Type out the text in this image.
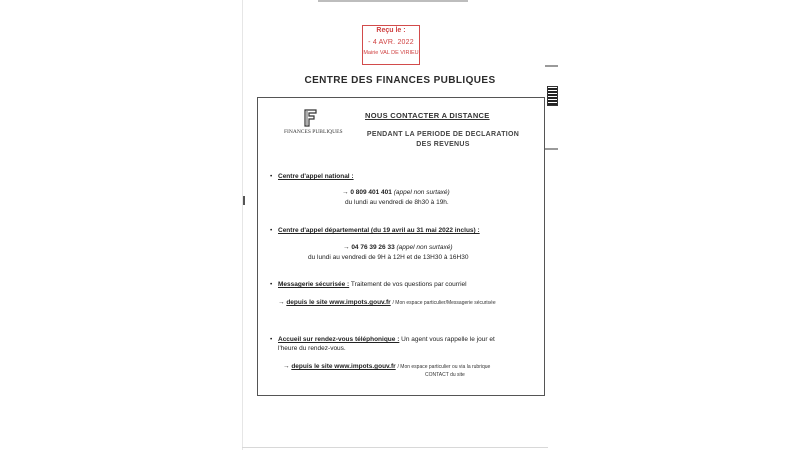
Reçu le :
- 4 AVR. 2022
Mairie VAL DE VIRIEU
CENTRE DES FINANCES PUBLIQUES
FINANCES PUBLIQUES
NOUS CONTACTER A DISTANCE
PENDANT LA PERIODE DE DECLARATION
DES REVENUS
• Centre d'appel national :
→ 0 809 401 401 (appel non surtaxé)
du lundi au vendredi de 8h30 à 19h.
• Centre d'appel départemental (du 19 avril au 31 mai 2022 inclus) :
→ 04 76 39 26 33 (appel non surtaxé)
du lundi au vendredi de 9H à 12H et de 13H30 à 16H30
• Messagerie sécurisée : Traitement de vos questions par courriel
→ depuis le site www.impots.gouv.fr / Mon espace particulier/Messagerie sécurisée
• Accueil sur rendez-vous téléphonique : Un agent vous rappelle le jour et
l'heure du rendez-vous.
→ depuis le site www.impots.gouv.fr / Mon espace particulier ou via la rubrique
CONTACT du site
